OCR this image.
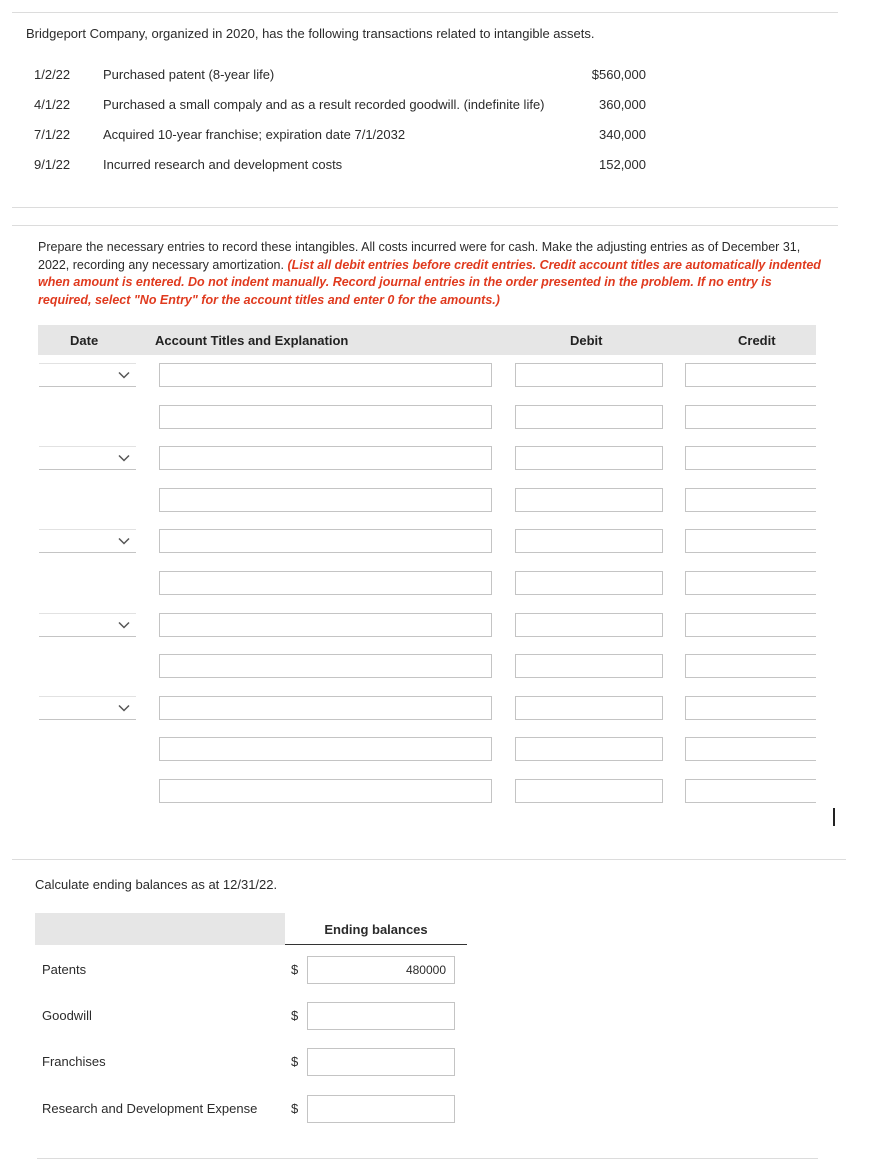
Bridgeport Company, organized in 2020, has the following transactions related to intangible assets.
1/2/22	Purchased patent (8-year life)	$560,000
4/1/22	Purchased a small compaly and as a result recorded goodwill. (indefinite life)	360,000
7/1/22	Acquired 10-year franchise; expiration date 7/1/2032	340,000
9/1/22	Incurred research and development costs	152,000
Prepare the necessary entries to record these intangibles. All costs incurred were for cash. Make the adjusting entries as of December 31, 2022, recording any necessary amortization. (List all debit entries before credit entries. Credit account titles are automatically indented when amount is entered. Do not indent manually. Record journal entries in the order presented in the problem. If no entry is required, select "No Entry" for the account titles and enter 0 for the amounts.)
Date	Account Titles and Explanation	Debit	Credit
Calculate ending balances as at 12/31/22.
Ending balances
Patents	$	480000
Goodwill	$
Franchises	$
Research and Development Expense	$
